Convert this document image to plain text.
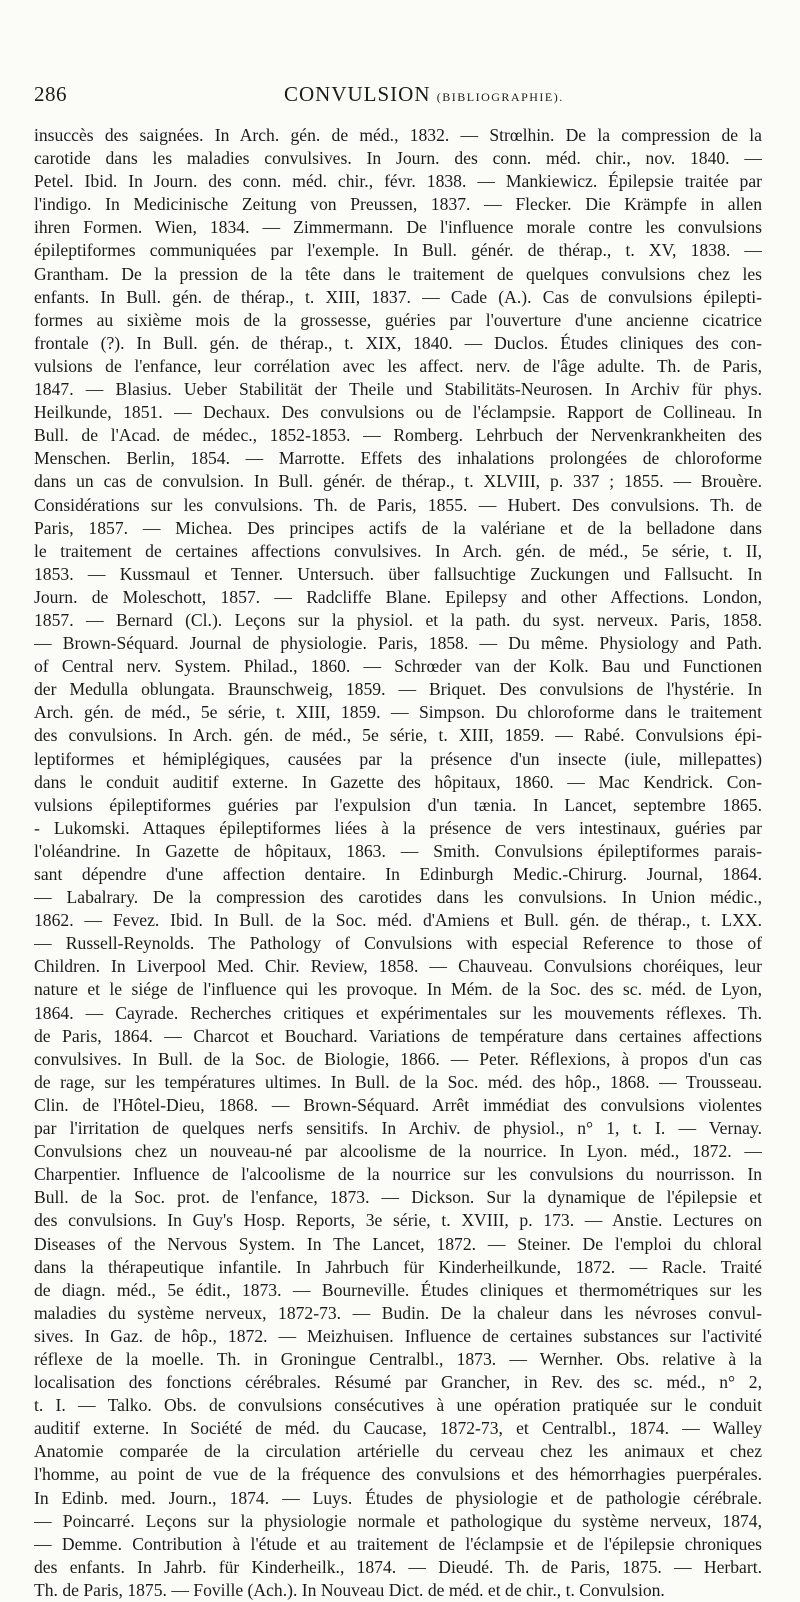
286	CONVULSION (BIBLIOGRAPHIE).
insuccès des saignées. In Arch. gén. de méd., 1832. — Strœlhin. De la compression de la
carotide dans les maladies convulsives. In Journ. des conn. méd. chir., nov. 1840. —
Petel. Ibid. In Journ. des conn. méd. chir., févr. 1838. — Mankiewicz. Épilepsie traitée par
l'indigo. In Medicinische Zeitung von Preussen, 1837. — Flecker. Die Krämpfe in allen
ihren Formen. Wien, 1834. — Zimmermann. De l'influence morale contre les convulsions
épileptiformes communiquées par l'exemple. In Bull. génér. de thérap., t. XV, 1838. —
Grantham. De la pression de la tête dans le traitement de quelques convulsions chez les
enfants. In Bull. gén. de thérap., t. XIII, 1837. — Cade (A.). Cas de convulsions épilepti-
formes au sixième mois de la grossesse, guéries par l'ouverture d'une ancienne cicatrice
frontale (?). In Bull. gén. de thérap., t. XIX, 1840. — Duclos. Études cliniques des con-
vulsions de l'enfance, leur corrélation avec les affect. nerv. de l'âge adulte. Th. de Paris,
1847. — Blasius. Ueber Stabilität der Theile und Stabilitäts-Neurosen. In Archiv für phys.
Heilkunde, 1851. — Dechaux. Des convulsions ou de l'éclampsie. Rapport de Collineau. In
Bull. de l'Acad. de médec., 1852-1853. — Romberg. Lehrbuch der Nervenkrankheiten des
Menschen. Berlin, 1854. — Marrotte. Effets des inhalations prolongées de chloroforme
dans un cas de convulsion. In Bull. génér. de thérap., t. XLVIII, p. 337 ; 1855. — Brouère.
Considérations sur les convulsions. Th. de Paris, 1855. — Hubert. Des convulsions. Th. de
Paris, 1857. — Michea. Des principes actifs de la valériane et de la belladone dans
le traitement de certaines affections convulsives. In Arch. gén. de méd., 5e série, t. II,
1853. — Kussmaul et Tenner. Untersuch. über fallsuchtige Zuckungen und Fallsucht. In
Journ. de Moleschott, 1857. — Radcliffe Blane. Epilepsy and other Affections. London,
1857. — Bernard (Cl.). Leçons sur la physiol. et la path. du syst. nerveux. Paris, 1858.
— Brown-Séquard. Journal de physiologie. Paris, 1858. — Du même. Physiology and Path.
of Central nerv. System. Philad., 1860. — Schrœder van der Kolk. Bau und Functionen
der Medulla oblungata. Braunschweig, 1859. — Briquet. Des convulsions de l'hystérie. In
Arch. gén. de méd., 5e série, t. XIII, 1859. — Simpson. Du chloroforme dans le traitement
des convulsions. In Arch. gén. de méd., 5e série, t. XIII, 1859. — Rabé. Convulsions épi-
leptiformes et hémiplégiques, causées par la présence d'un insecte (iule, millepattes)
dans le conduit auditif externe. In Gazette des hôpitaux, 1860. — Mac Kendrick. Con-
vulsions épileptiformes guéries par l'expulsion d'un tænia. In Lancet, septembre 1865.
- Lukomski. Attaques épileptiformes liées à la présence de vers intestinaux, guéries par
l'oléandrine. In Gazette de hôpitaux, 1863. — Smith. Convulsions épileptiformes parais-
sant dépendre d'une affection dentaire. In Edinburgh Medic.-Chirurg. Journal, 1864.
— Labalrary. De la compression des carotides dans les convulsions. In Union médic.,
1862. — Fevez. Ibid. In Bull. de la Soc. méd. d'Amiens et Bull. gén. de thérap., t. LXX.
— Russell-Reynolds. The Pathology of Convulsions with especial Reference to those of
Children. In Liverpool Med. Chir. Review, 1858. — Chauveau. Convulsions choréiques, leur
nature et le siége de l'influence qui les provoque. In Mém. de la Soc. des sc. méd. de Lyon,
1864. — Cayrade. Recherches critiques et expérimentales sur les mouvements réflexes. Th.
de Paris, 1864. — Charcot et Bouchard. Variations de température dans certaines affections
convulsives. In Bull. de la Soc. de Biologie, 1866. — Peter. Réflexions, à propos d'un cas
de rage, sur les températures ultimes. In Bull. de la Soc. méd. des hôp., 1868. — Trousseau.
Clin. de l'Hôtel-Dieu, 1868. — Brown-Séquard. Arrêt immédiat des convulsions violentes
par l'irritation de quelques nerfs sensitifs. In Archiv. de physiol., n° 1, t. I. — Vernay.
Convulsions chez un nouveau-né par alcoolisme de la nourrice. In Lyon. méd., 1872. —
Charpentier. Influence de l'alcoolisme de la nourrice sur les convulsions du nourrisson. In
Bull. de la Soc. prot. de l'enfance, 1873. — Dickson. Sur la dynamique de l'épilepsie et
des convulsions. In Guy's Hosp. Reports, 3e série, t. XVIII, p. 173. — Anstie. Lectures on
Diseases of the Nervous System. In The Lancet, 1872. — Steiner. De l'emploi du chloral
dans la thérapeutique infantile. In Jahrbuch für Kinderheilkunde, 1872. — Racle. Traité
de diagn. méd., 5e édit., 1873. — Bourneville. Études cliniques et thermométriques sur les
maladies du système nerveux, 1872-73. — Budin. De la chaleur dans les névroses convul-
sives. In Gaz. de hôp., 1872. — Meizhuisen. Influence de certaines substances sur l'activité
réflexe de la moelle. Th. in Groningue Centralbl., 1873. — Wernher. Obs. relative à la
localisation des fonctions cérébrales. Résumé par Grancher, in Rev. des sc. méd., n° 2,
t. I. — Talko. Obs. de convulsions consécutives à une opération pratiquée sur le conduit
auditif externe. In Société de méd. du Caucase, 1872-73, et Centralbl., 1874. — Walley
Anatomie comparée de la circulation artérielle du cerveau chez les animaux et chez
l'homme, au point de vue de la fréquence des convulsions et des hémorrhagies puerpérales.
In Edinb. med. Journ., 1874. — Luys. Études de physiologie et de pathologie cérébrale.
— Poincarré. Leçons sur la physiologie normale et pathologique du système nerveux, 1874,
— Demme. Contribution à l'étude et au traitement de l'éclampsie et de l'épilepsie chroniques
des enfants. In Jahrb. für Kinderheilk., 1874. — Dieudé. Th. de Paris, 1875. — Herbart.
Th. de Paris, 1875. — Foville (Ach.). In Nouveau Dict. de méd. et de chir., t. Convulsion.
